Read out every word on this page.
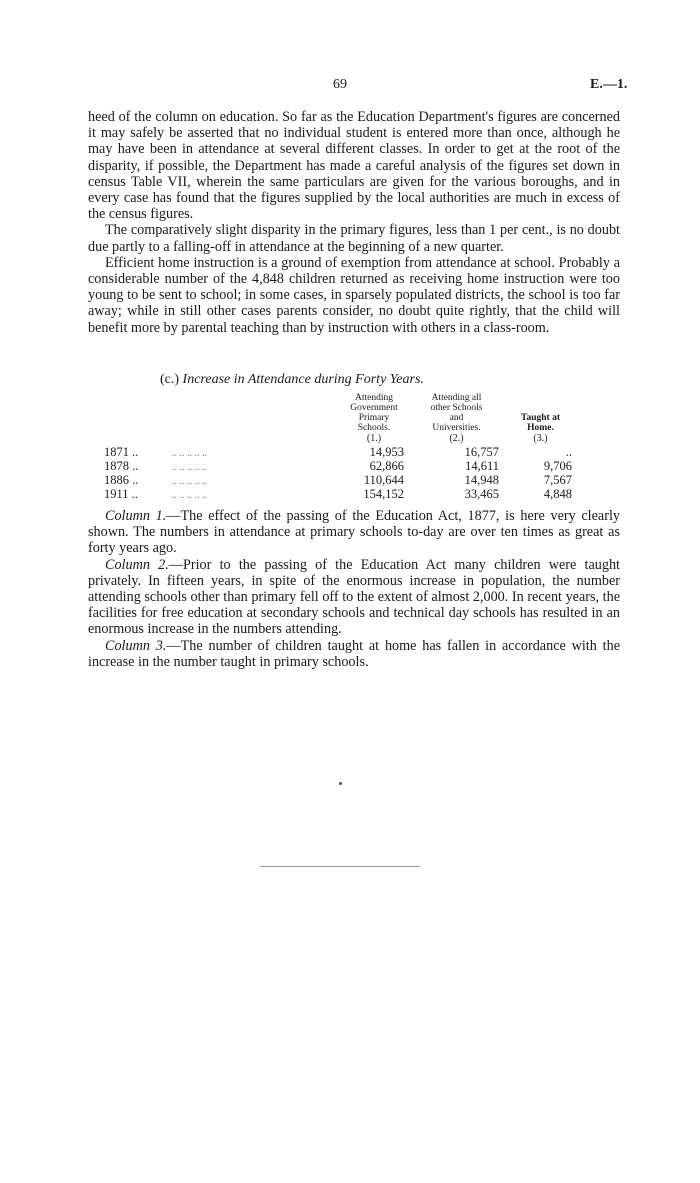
69	E.—1.

heed of the column on education. So far as the Education Department's figures are concerned it may safely be asserted that no individual student is entered more than once, although he may have been in attendance at several different classes. In order to get at the root of the disparity, if possible, the Department has made a careful analysis of the figures set down in census Table VII, wherein the same particulars are given for the various boroughs, and in every case has found that the figures supplied by the local authorities are much in excess of the census figures.

The comparatively slight disparity in the primary figures, less than 1 per cent., is no doubt due partly to a falling-off in attendance at the beginning of a new quarter.

Efficient home instruction is a ground of exemption from attendance at school. Probably a considerable number of the 4,848 children returned as receiving home instruction were too young to be sent to school; in some cases, in sparsely populated districts, the school is too far away; while in still other cases parents consider, no doubt quite rightly, that the child will benefit more by parental teaching than by instruction with others in a class-room.

(c.) Increase in Attendance during Forty Years.
		Attending
Government
Primary
Schools.	Attending all
other Schools
and
Universities.	Taught at
Home.
		(1.)	(2.)	(3.)
1871 ..	.. .. .. .. ..	14,953	16,757	..
1878 ..	.. .. .. .. ..	62,866	14,611	9,706
1886 ..	.. .. .. .. ..	110,644	14,948	7,567
1911 ..	.. .. .. .. ..	154,152	33,465	4,848

Column 1.—The effect of the passing of the Education Act, 1877, is here very clearly shown. The numbers in attendance at primary schools to-day are over ten times as great as forty years ago.

Column 2.—Prior to the passing of the Education Act many children were taught privately. In fifteen years, in spite of the enormous increase in population, the number attending schools other than primary fell off to the extent of almost 2,000. In recent years, the facilities for free education at secondary schools and technical day schools has resulted in an enormous increase in the numbers attending.

Column 3.—The number of children taught at home has fallen in accordance with the increase in the number taught in primary schools.
